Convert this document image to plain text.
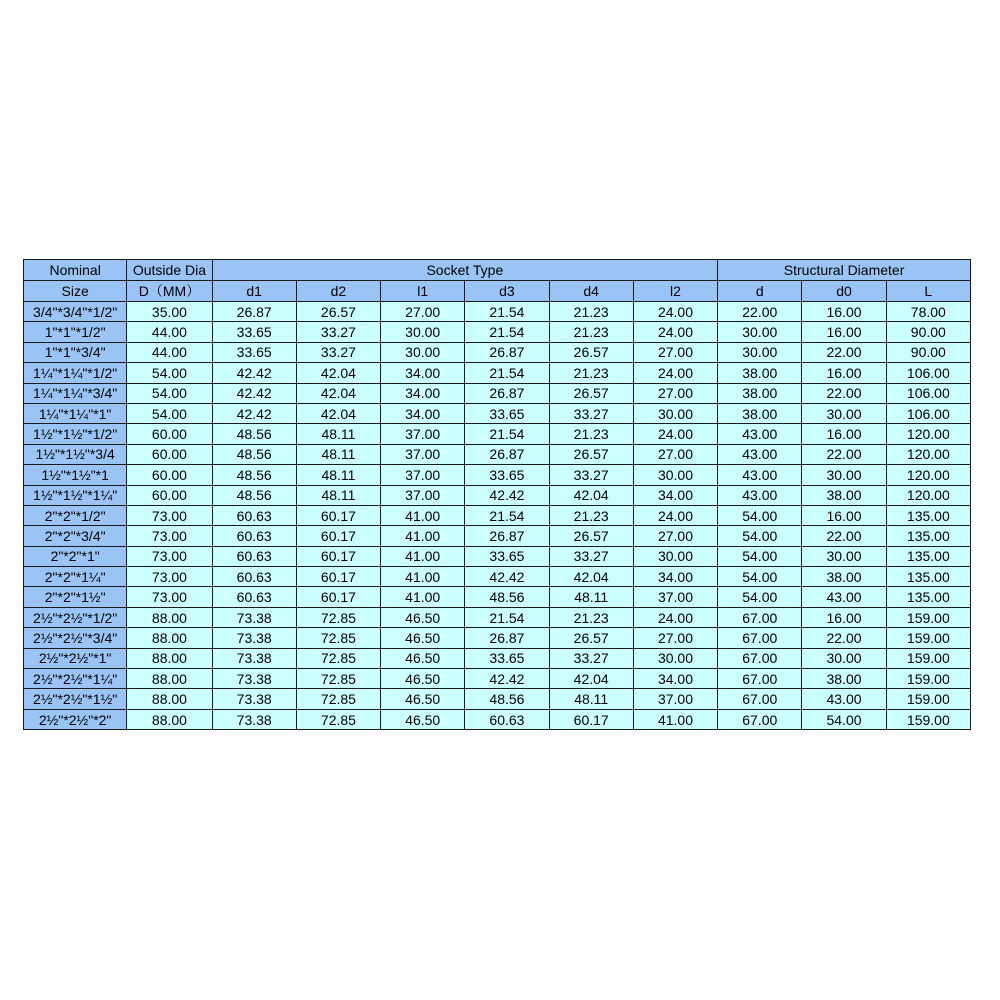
Nominal	Outside Dia	Socket Type						Structural Diameter		
Size	D（MM）	d1	d2	l1	d3	d4	l2	d	d0	L
3/4"*3/4"*1/2"	35.00	26.87	26.57	27.00	21.54	21.23	24.00	22.00	16.00	78.00
1"*1"*1/2"	44.00	33.65	33.27	30.00	21.54	21.23	24.00	30.00	16.00	90.00
1"*1"*3/4"	44.00	33.65	33.27	30.00	26.87	26.57	27.00	30.00	22.00	90.00
1¼"*1¼"*1/2"	54.00	42.42	42.04	34.00	21.54	21.23	24.00	38.00	16.00	106.00
1¼"*1¼"*3/4"	54.00	42.42	42.04	34.00	26.87	26.57	27.00	38.00	22.00	106.00
1¼"*1¼"*1"	54.00	42.42	42.04	34.00	33.65	33.27	30.00	38.00	30.00	106.00
1½"*1½"*1/2"	60.00	48.56	48.11	37.00	21.54	21.23	24.00	43.00	16.00	120.00
1½"*1½"*3/4	60.00	48.56	48.11	37.00	26.87	26.57	27.00	43.00	22.00	120.00
1½"*1½"*1	60.00	48.56	48.11	37.00	33.65	33.27	30.00	43.00	30.00	120.00
1½"*1½"*1¼"	60.00	48.56	48.11	37.00	42.42	42.04	34.00	43.00	38.00	120.00
2"*2"*1/2"	73.00	60.63	60.17	41.00	21.54	21.23	24.00	54.00	16.00	135.00
2"*2"*3/4"	73.00	60.63	60.17	41.00	26.87	26.57	27.00	54.00	22.00	135.00
2"*2"*1"	73.00	60.63	60.17	41.00	33.65	33.27	30.00	54.00	30.00	135.00
2"*2"*1¼"	73.00	60.63	60.17	41.00	42.42	42.04	34.00	54.00	38.00	135.00
2"*2"*1½"	73.00	60.63	60.17	41.00	48.56	48.11	37.00	54.00	43.00	135.00
2½"*2½"*1/2"	88.00	73.38	72.85	46.50	21.54	21.23	24.00	67.00	16.00	159.00
2½"*2½"*3/4"	88.00	73.38	72.85	46.50	26.87	26.57	27.00	67.00	22.00	159.00
2½"*2½"*1"	88.00	73.38	72.85	46.50	33.65	33.27	30.00	67.00	30.00	159.00
2½"*2½"*1¼"	88.00	73.38	72.85	46.50	42.42	42.04	34.00	67.00	38.00	159.00
2½"*2½"*1½"	88.00	73.38	72.85	46.50	48.56	48.11	37.00	67.00	43.00	159.00
2½"*2½"*2"	88.00	73.38	72.85	46.50	60.63	60.17	41.00	67.00	54.00	159.00
